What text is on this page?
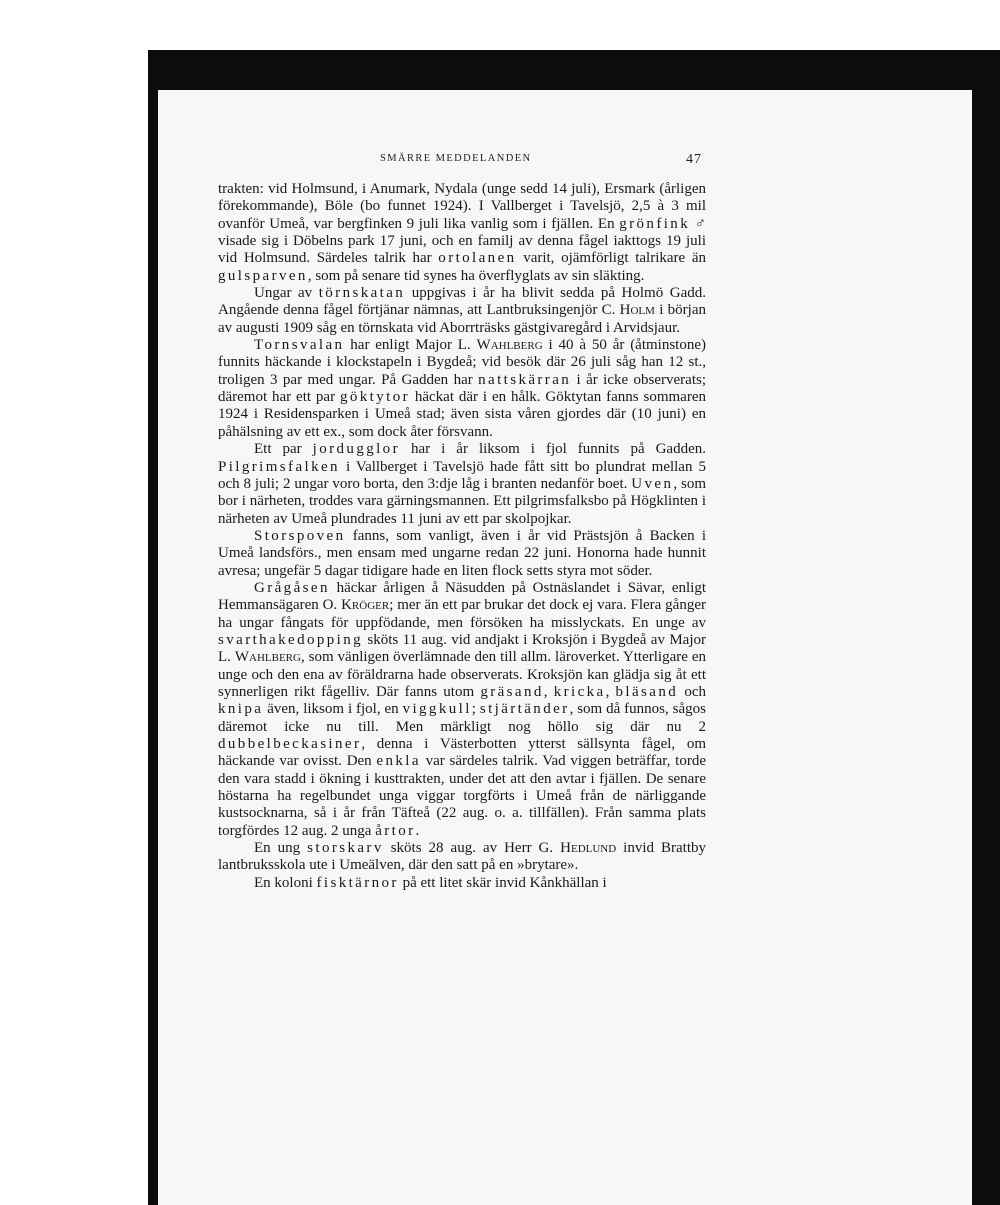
SMÄRRE MEDDELANDEN	47

trakten: vid Holmsund, i Anumark, Nydala (unge sedd 14 juli), Ersmark (årligen förekommande), Böle (bo funnet 1924). I Vallberget i Tavelsjö, 2,5 à 3 mil ovanför Umeå, var bergfinken 9 juli lika vanlig som i fjällen. En grönfink ♂ visade sig i Döbelns park 17 juni, och en familj av denna fågel iakttogs 19 juli vid Holmsund. Särdeles talrik har ortolanen varit, ojämförligt talrikare än gulsparven, som på senare tid synes ha överflyglats av sin släkting.

Ungar av törnskatan uppgivas i år ha blivit sedda på Holmö Gadd. Angående denna fågel förtjänar nämnas, att Lantbruksingenjör C. Holm i början av augusti 1909 såg en törnskata vid Aborrträsks gästgivaregård i Arvidsjaur.

Tornsvalan har enligt Major L. Wahlberg i 40 à 50 år (åtminstone) funnits häckande i klockstapeln i Bygdeå; vid besök där 26 juli såg han 12 st., troligen 3 par med ungar. På Gadden har nattskärran i år icke observerats; däremot har ett par göktytor häckat där i en hålk. Göktytan fanns sommaren 1924 i Residensparken i Umeå stad; även sista våren gjordes där (10 juni) en påhälsning av ett ex., som dock åter försvann.

Ett par jordugglor har i år liksom i fjol funnits på Gadden. Pilgrimsfalken i Vallberget i Tavelsjö hade fått sitt bo plundrat mellan 5 och 8 juli; 2 ungar voro borta, den 3:dje låg i branten nedanför boet. Uven, som bor i närheten, troddes vara gärningsmannen. Ett pilgrimsfalksbo på Högklinten i närheten av Umeå plundrades 11 juni av ett par skolpojkar.

Storspoven fanns, som vanligt, även i år vid Prästsjön å Backen i Umeå landsförs., men ensam med ungarne redan 22 juni. Honorna hade hunnit avresa; ungefär 5 dagar tidigare hade en liten flock setts styra mot söder.

Grågåsen häckar årligen å Näsudden på Ostnäslandet i Sävar, enligt Hemmansägaren O. Kröger; mer än ett par brukar det dock ej vara. Flera gånger ha ungar fångats för uppfödande, men försöken ha misslyckats. En unge av svarthakedopping sköts 11 aug. vid andjakt i Kroksjön i Bygdeå av Major L. Wahlberg, som vänligen överlämnade den till allm. läroverket. Ytterligare en unge och den ena av föräldrarna hade observerats. Kroksjön kan glädja sig åt ett synnerligen rikt fågelliv. Där fanns utom gräsand, kricka, bläsand och knipa även, liksom i fjol, en viggkull; stjärtänder, som då funnos, sågos däremot icke nu till. Men märkligt nog höllo sig där nu 2 dubbelbeckasiner, denna i Västerbotten ytterst sällsynta fågel, om häckande var ovisst. Den enkla var särdeles talrik. Vad viggen beträffar, torde den vara stadd i ökning i kusttrakten, under det att den avtar i fjällen. De senare höstarna ha regelbundet unga viggar torgförts i Umeå från de närliggande kustsocknarna, så i år från Täfteå (22 aug. o. a. tillfällen). Från samma plats torgfördes 12 aug. 2 unga årtor.

En ung storskarv sköts 28 aug. av Herr G. Hedlund invid Brattby lantbruksskola ute i Umeälven, där den satt på en »brytare».

En koloni fisktärnor på ett litet skär invid Kånkhällan i
